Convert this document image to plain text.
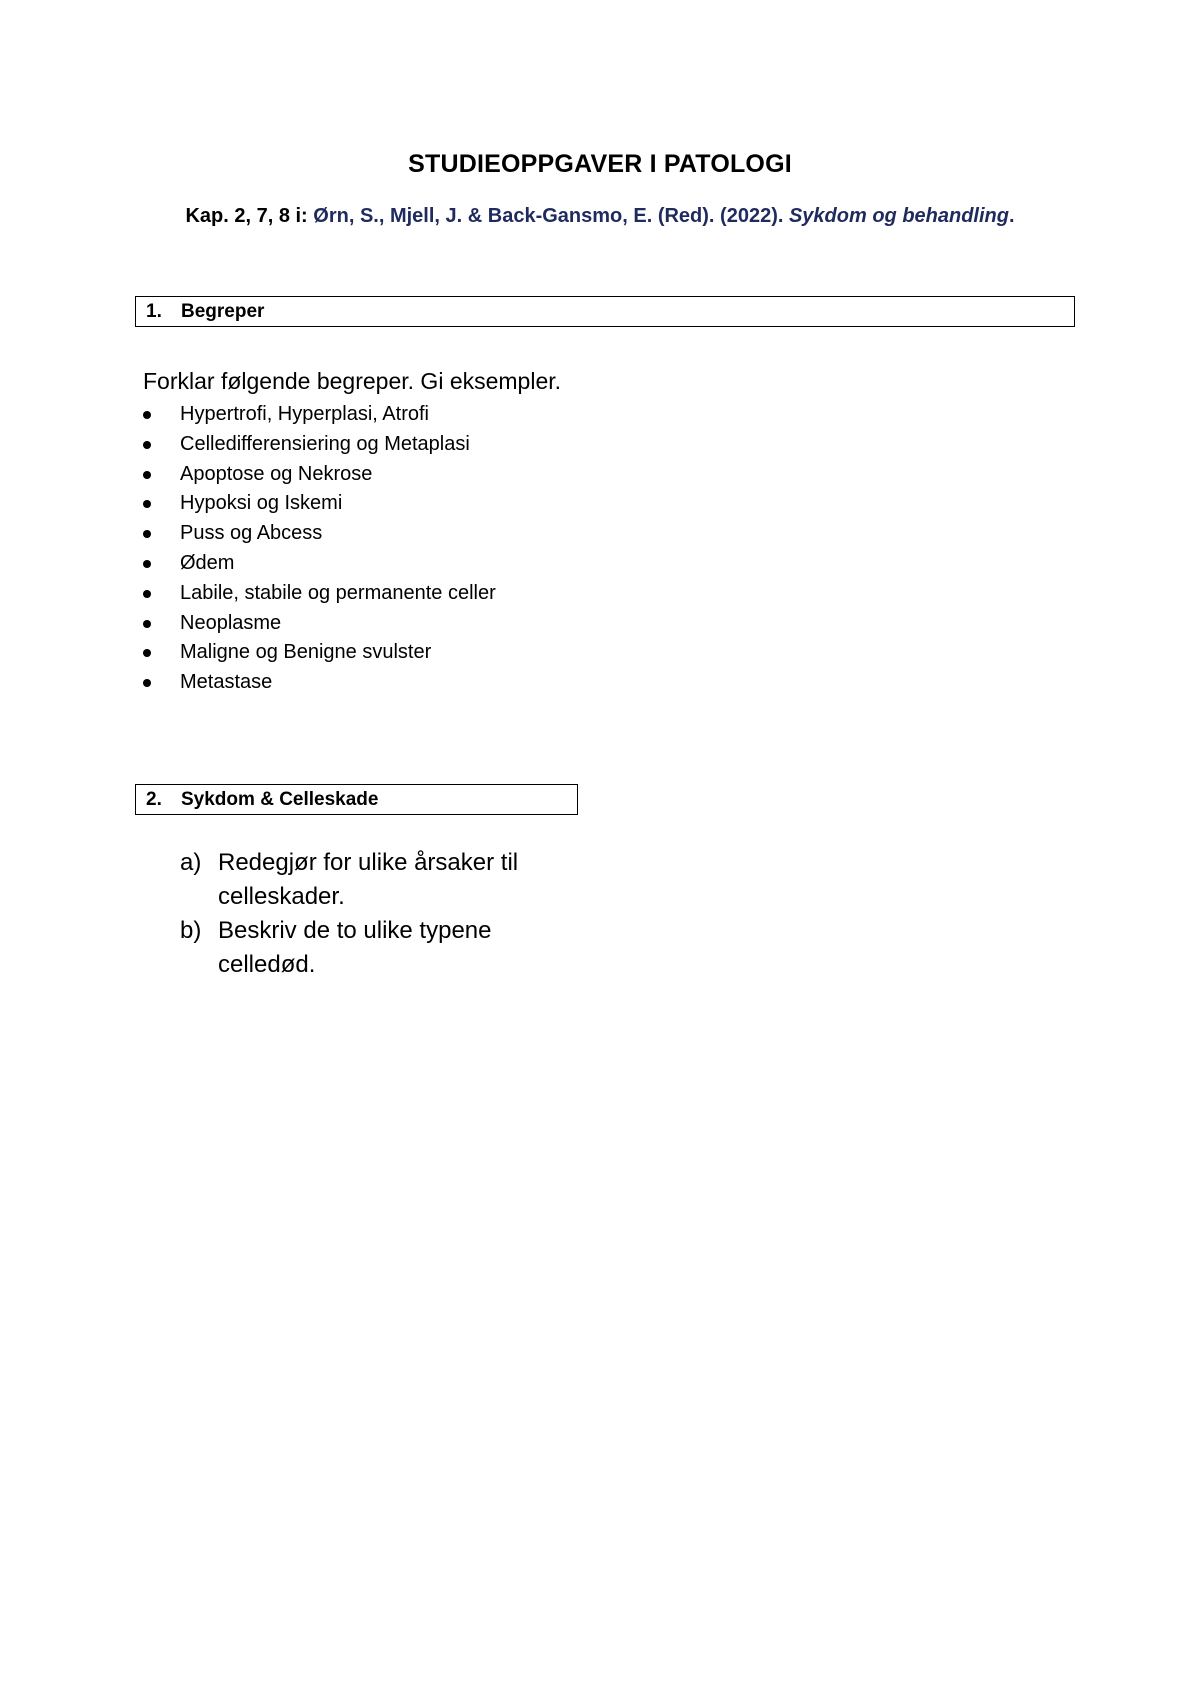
STUDIEOPPGAVER I PATOLOGI
Kap. 2, 7, 8 i: Ørn, S., Mjell, J. & Back-Gansmo, E. (Red). (2022). Sykdom og behandling.
1. Begreper
Forklar følgende begreper. Gi eksempler.
Hypertrofi, Hyperplasi, Atrofi
Celledifferensiering og Metaplasi
Apoptose og Nekrose
Hypoksi og Iskemi
Puss og Abcess
Ødem
Labile, stabile og permanente celler
Neoplasme
Maligne og Benigne svulster
Metastase
2. Sykdom & Celleskade
a) Redegjør for ulike årsaker til celleskader.
b) Beskriv de to ulike typene celledød.
